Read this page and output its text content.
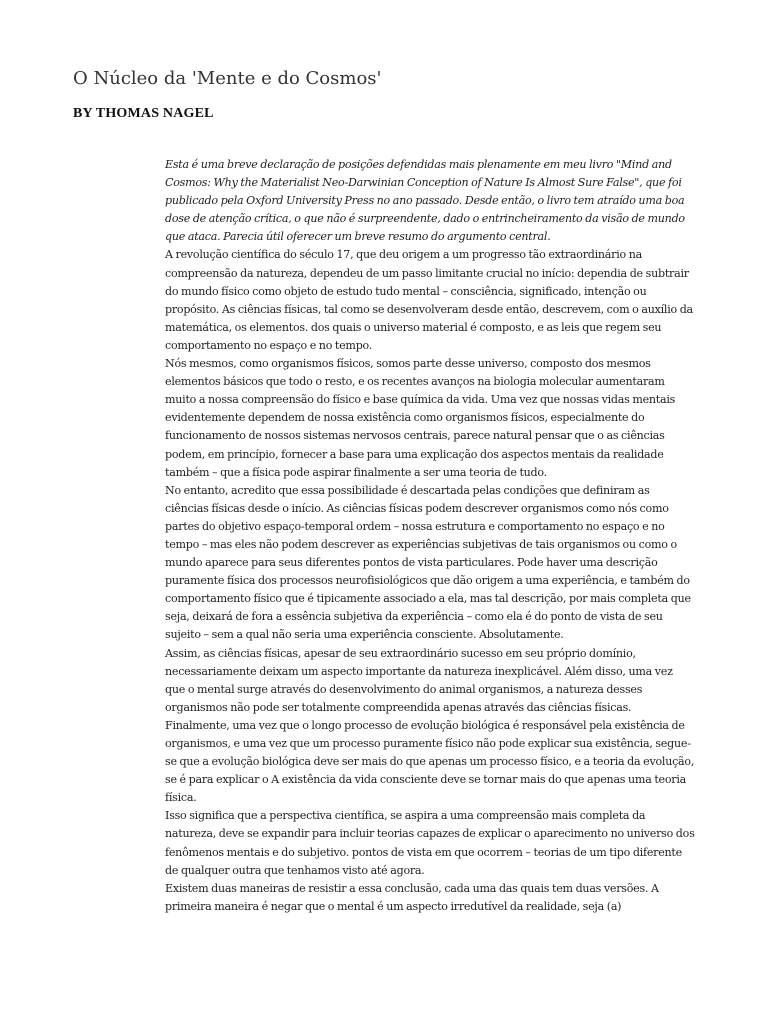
O Núcleo da 'Mente e do Cosmos'
BY THOMAS NAGEL

Esta é uma breve declaração de posições defendidas mais plenamente em meu livro "Mind and Cosmos: Why the Materialist Neo-Darwinian Conception of Nature Is Almost Sure False", que foi publicado pela Oxford University Press no ano passado. Desde então, o livro tem atraído uma boa dose de atenção crítica, o que não é surpreendente, dado o entrincheiramento da visão de mundo que ataca. Parecia útil oferecer um breve resumo do argumento central.

A revolução científica do século 17, que deu origem a um progresso tão extraordinário na compreensão da natureza, dependeu de um passo limitante crucial no início: dependia de subtrair do mundo físico como objeto de estudo tudo mental – consciência, significado, intenção ou propósito. As ciências físicas, tal como se desenvolveram desde então, descrevem, com o auxílio da matemática, os elementos. dos quais o universo material é composto, e as leis que regem seu comportamento no espaço e no tempo.

Nós mesmos, como organismos físicos, somos parte desse universo, composto dos mesmos elementos básicos que todo o resto, e os recentes avanços na biologia molecular aumentaram muito a nossa compreensão do físico e base química da vida. Uma vez que nossas vidas mentais evidentemente dependem de nossa existência como organismos físicos, especialmente do funcionamento de nossos sistemas nervosos centrais, parece natural pensar que o as ciências podem, em princípio, fornecer a base para uma explicação dos aspectos mentais da realidade também – que a física pode aspirar finalmente a ser uma teoria de tudo.

No entanto, acredito que essa possibilidade é descartada pelas condições que definiram as ciências físicas desde o início. As ciências físicas podem descrever organismos como nós como partes do objetivo espaço-temporal ordem – nossa estrutura e comportamento no espaço e no tempo – mas eles não podem descrever as experiências subjetivas de tais organismos ou como o mundo aparece para seus diferentes pontos de vista particulares. Pode haver uma descrição puramente física dos processos neurofisiológicos que dão origem a uma experiência, e também do comportamento físico que é tipicamente associado a ela, mas tal descrição, por mais completa que seja, deixará de fora a essência subjetiva da experiência – como ela é do ponto de vista de seu sujeito – sem a qual não seria uma experiência consciente. Absolutamente.

Assim, as ciências físicas, apesar de seu extraordinário sucesso em seu próprio domínio, necessariamente deixam um aspecto importante da natureza inexplicável. Além disso, uma vez que o mental surge através do desenvolvimento do animal organismos, a natureza desses organismos não pode ser totalmente compreendida apenas através das ciências físicas. Finalmente, uma vez que o longo processo de evolução biológica é responsável pela existência de organismos, e uma vez que um processo puramente físico não pode explicar sua existência, segue-se que a evolução biológica deve ser mais do que apenas um processo físico, e a teoria da evolução, se é para explicar o A existência da vida consciente deve se tornar mais do que apenas uma teoria física.

Isso significa que a perspectiva científica, se aspira a uma compreensão mais completa da natureza, deve se expandir para incluir teorias capazes de explicar o aparecimento no universo dos fenômenos mentais e do subjetivo. pontos de vista em que ocorrem – teorias de um tipo diferente de qualquer outra que tenhamos visto até agora.

Existem duas maneiras de resistir a essa conclusão, cada uma das quais tem duas versões. A primeira maneira é negar que o mental é um aspecto irredutível da realidade, seja (a)
